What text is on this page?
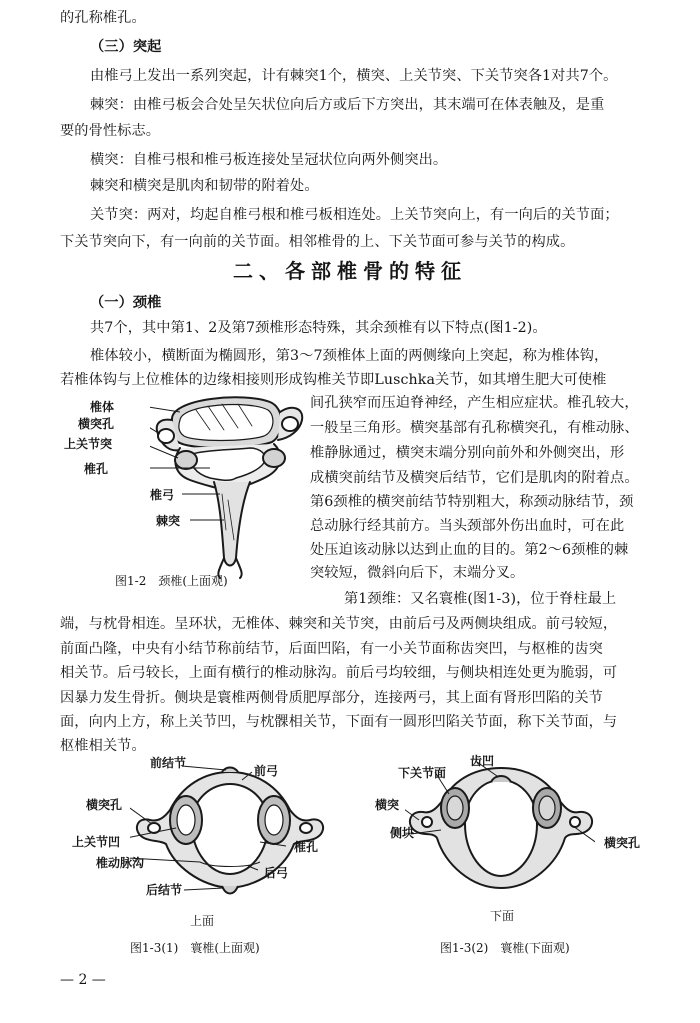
的孔称椎孔。
（三）突起
由椎弓上发出一系列突起，计有棘突1个，横突、上关节突、下关节突各1对共7个。
棘突：由椎弓板会合处呈矢状位向后方或后下方突出，其末端可在体表触及，是重
要的骨性标志。
横突：自椎弓根和椎弓板连接处呈冠状位向两外侧突出。
棘突和横突是肌肉和韧带的附着处。
关节突：两对，均起自椎弓根和椎弓板相连处。上关节突向上，有一向后的关节面；
下关节突向下，有一向前的关节面。相邻椎骨的上、下关节面可参与关节的构成。
二、各部椎骨的特征
（一）颈椎
共7个，其中第1、2及第7颈椎形态特殊，其余颈椎有以下特点(图1-2)。
椎体较小，横断面为椭圆形，第3～7颈椎体上面的两侧缘向上突起，称为椎体钩，
若椎体钩与上位椎体的边缘相接则形成钩椎关节即Luschka关节，如其增生肥大可使椎
间孔狭窄而压迫脊神经，产生相应症状。椎孔较大，
一般呈三角形。横突基部有孔称横突孔，有椎动脉、
椎静脉通过，横突末端分别向前外和外侧突出，形
成横突前结节及横突后结节，它们是肌肉的附着点。
第6颈椎的横突前结节特别粗大，称颈动脉结节，颈
总动脉行经其前方。当头颈部外伤出血时，可在此
处压迫该动脉以达到止血的目的。第2～6颈椎的棘
突较短，微斜向后下，末端分叉。
第1颈维：又名寰椎(图1-3)，位于脊柱最上
端，与枕骨相连。呈环状，无椎体、棘突和关节突，由前后弓及两侧块组成。前弓较短，
前面凸隆，中央有小结节称前结节，后面凹陷，有一小关节面称齿突凹，与枢椎的齿突
相关节。后弓较长，上面有横行的椎动脉沟。前后弓均较细，与侧块相连处更为脆弱，可
因暴力发生骨折。侧块是寰椎两侧骨质肥厚部分，连接两弓，其上面有肾形凹陷的关节
面，向内上方，称上关节凹，与枕髁相关节，下面有一圆形凹陷关节面，称下关节面，与
枢椎相关节。
椎体
横突孔
上关节突
椎孔
椎弓
棘突
图1-2　颈椎(上面观)
前结节
前弓
横突孔
上关节凹
椎动脉沟
椎孔
后弓
后结节
上面
图1-3(1)　寰椎(上面观)
齿凹
下关节面
横突
侧块
横突孔
下面
图1-3(2)　寰椎(下面观)
— 2 —
